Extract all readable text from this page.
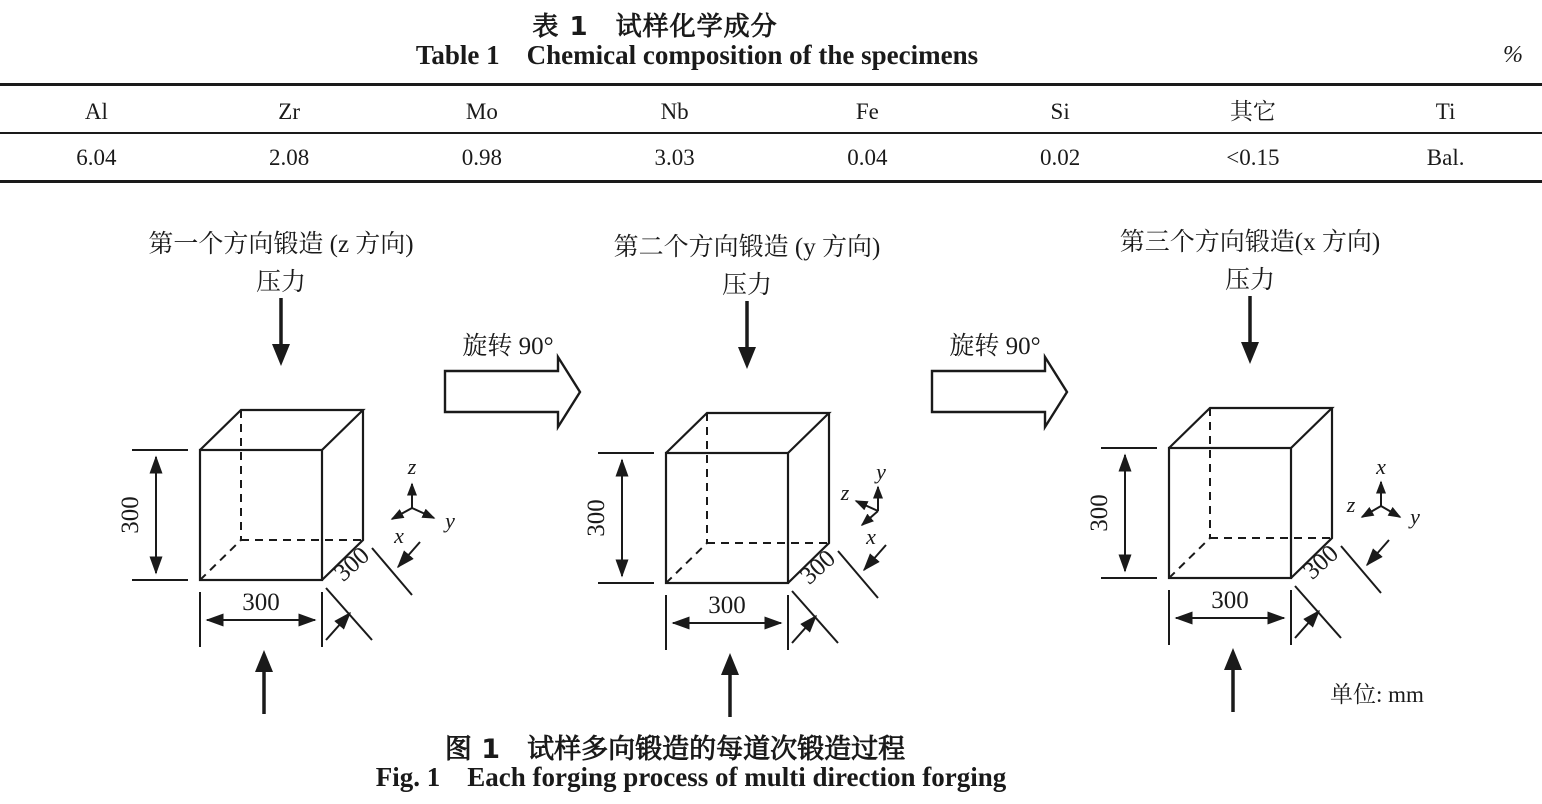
表 1　试样化学成分
Table 1  Chemical composition of the specimens	%
Al	Zr	Mo	Nb	Fe	Si	其它	Ti
6.04	2.08	0.98	3.03	0.04	0.02	<0.15	Bal.
第一个方向锻造 (z 方向)
压力
300
300
300
z
y
x
旋转 90°
第二个方向锻造 (y 方向)
压力
300
300
300
y
z
x
旋转 90°
第三个方向锻造(x 方向)
压力
300
300
300
x
z y
单位: mm
图 1　试样多向锻造的每道次锻造过程
Fig. 1  Each forging process of multi direction forging
